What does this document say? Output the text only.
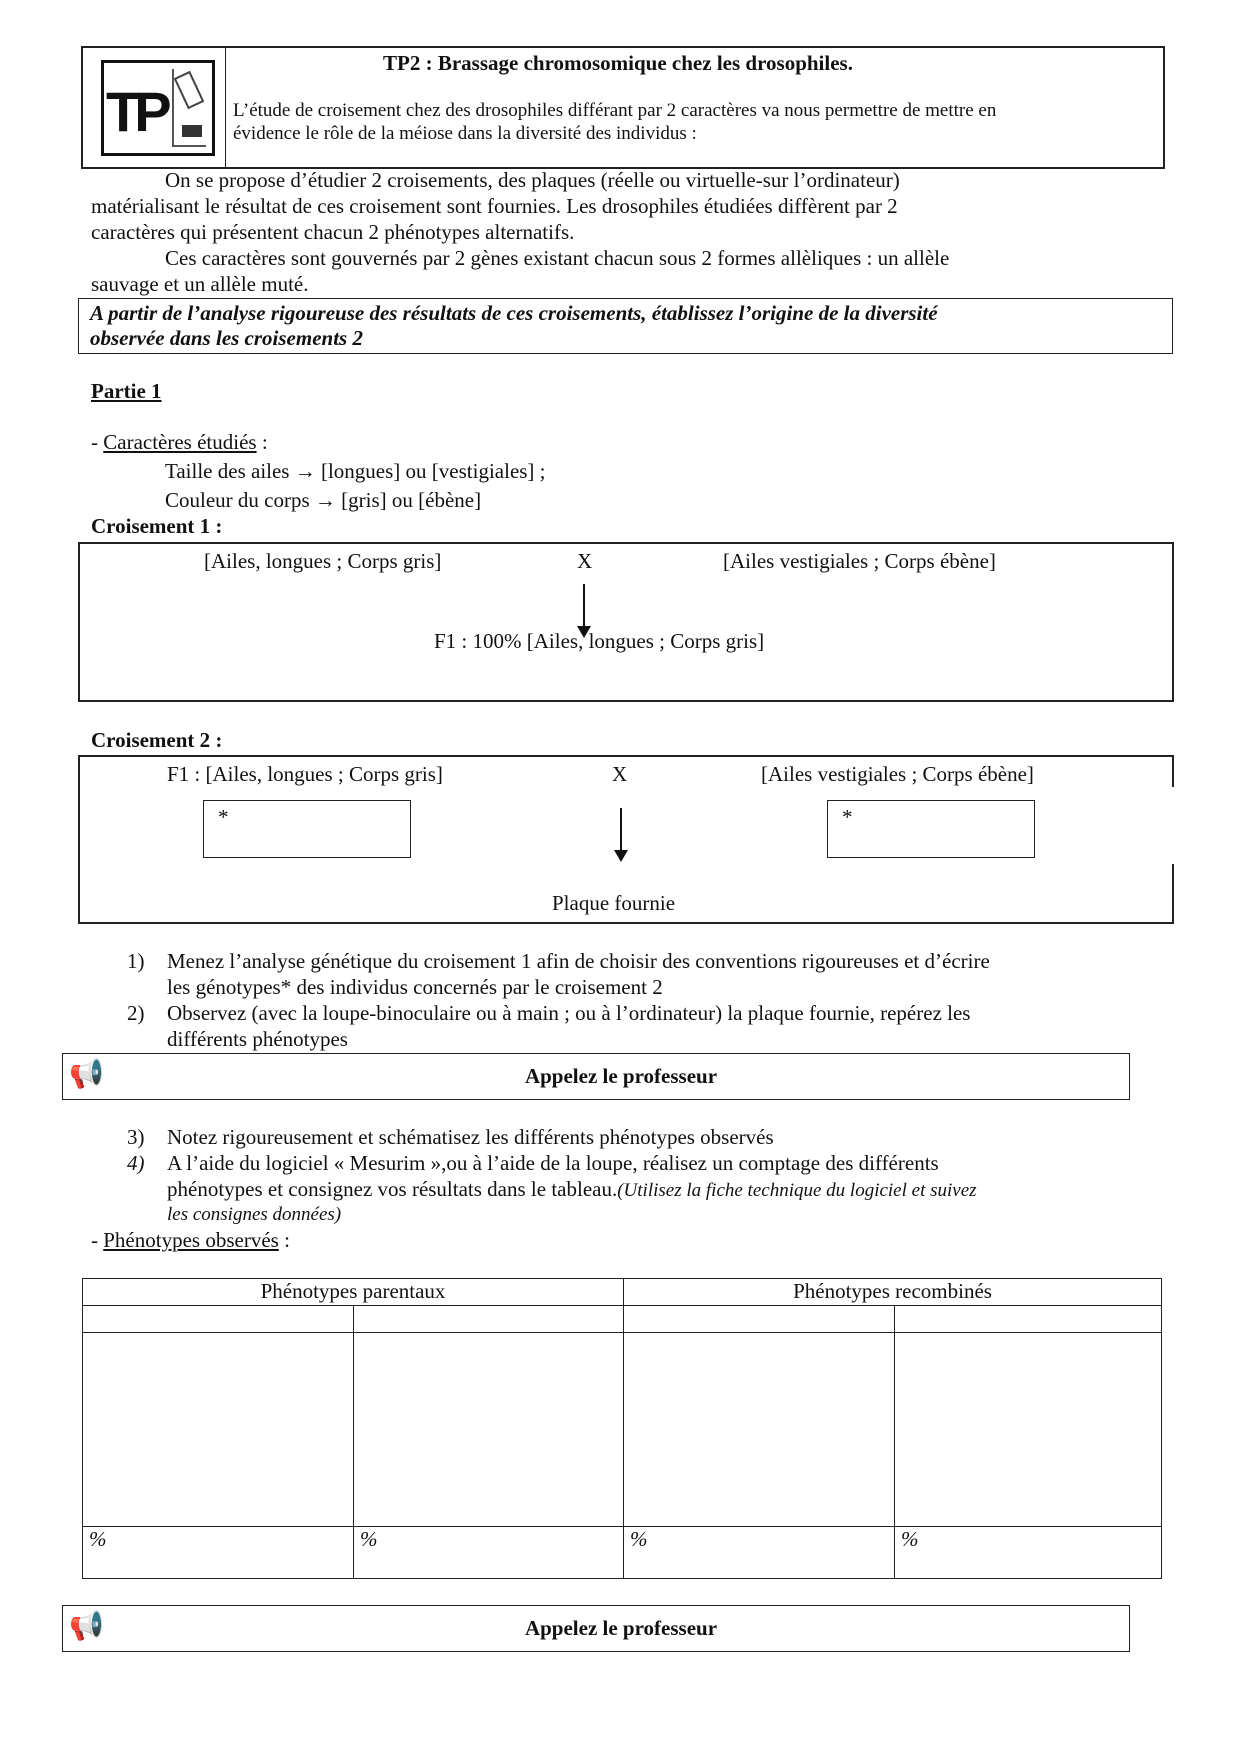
TP
TP2 : Brassage chromosomique chez les drosophiles.
L’étude de croisement chez des drosophiles différant par 2 caractères va nous permettre de mettre en
évidence le rôle de la méiose dans la diversité des individus :
On se propose d’étudier 2 croisements, des plaques (réelle ou virtuelle-sur l’ordinateur)
matérialisant le résultat de ces croisement sont fournies. Les drosophiles étudiées diffèrent par 2
caractères qui présentent chacun 2 phénotypes alternatifs.
Ces caractères sont gouvernés par 2 gènes existant chacun sous 2 formes allèliques : un allèle
sauvage et un allèle muté.
A partir de l’analyse rigoureuse des résultats de ces croisements, établissez l’origine de la diversité
observée dans les croisements 2
Partie 1
- Caractères étudiés :
Taille des ailes → [longues] ou [vestigiales] ;
Couleur du corps → [gris] ou [ébène]
Croisement 1 :
[Ailes, longues ; Corps gris]	X	[Ailes vestigiales ; Corps ébène]
F1 : 100% [Ailes, longues ; Corps gris]
Croisement 2 :
F1 : [Ailes, longues ; Corps gris]	X	[Ailes vestigiales ; Corps ébène]
*	*
Plaque fournie
1) Menez l’analyse génétique du croisement 1 afin de choisir des conventions rigoureuses et d’écrire
les génotypes* des individus concernés par le croisement 2
2) Observez (avec la loupe-binoculaire ou à main ; ou à l’ordinateur) la plaque fournie, repérez les
différents phénotypes
📢	Appelez le professeur
3) Notez rigoureusement et schématisez les différents phénotypes observés
4) A l’aide du logiciel « Mesurim »,ou à l’aide de la loupe, réalisez un comptage des différents
phénotypes et consignez vos résultats dans le tableau.(Utilisez la fiche technique du logiciel et suivez
les consignes données)
- Phénotypes observés :
Phénotypes parentaux		Phénotypes recombinés	

%	%	%	%
📢	Appelez le professeur
